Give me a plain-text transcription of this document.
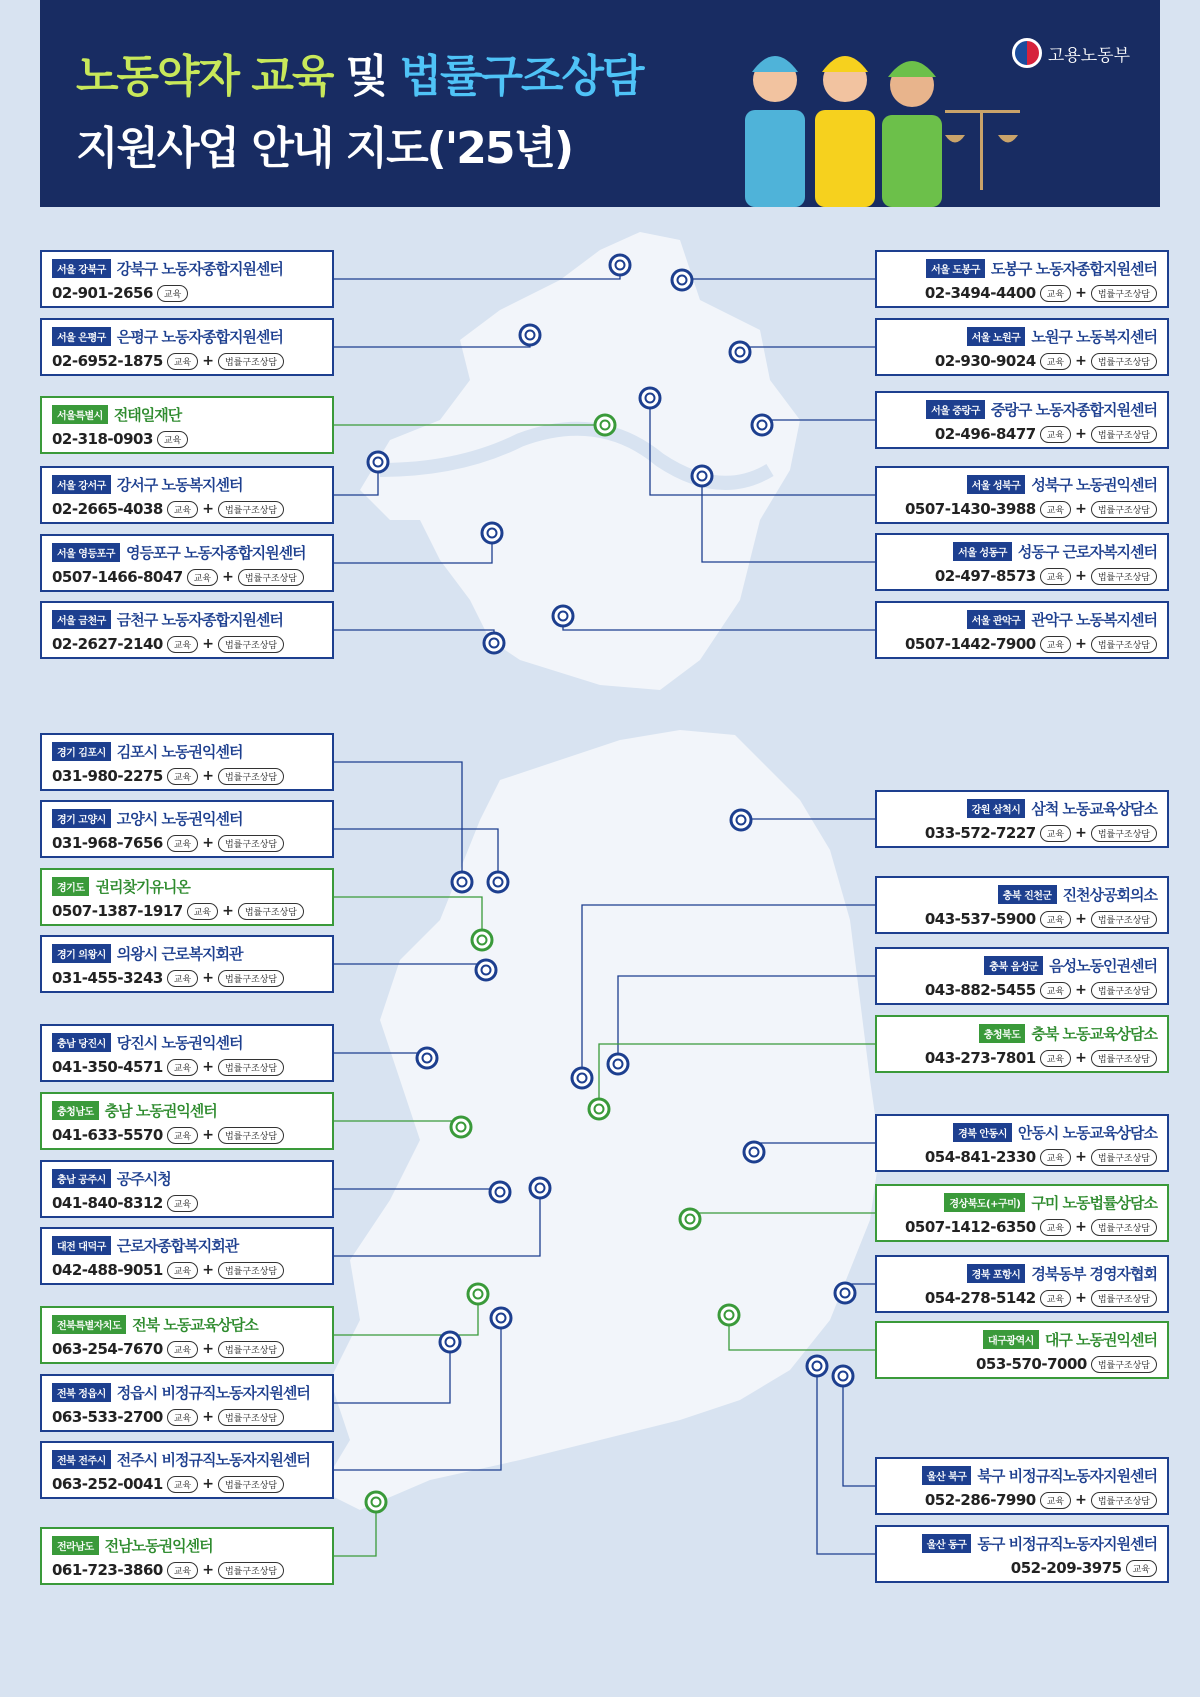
노동약자 교육 및 법률구조상담
지원사업 안내 지도('25년)
고용노동부
서울 강북구 강북구 노동자종합지원센터
02-901-2656	교육
서울 은평구 은평구 노동자종합지원센터
02-6952-1875	교육 +	법률구조상담
서울특별시 전태일재단
02-318-0903	교육
서울 강서구 강서구 노동복지센터
02-2665-4038	교육 +	법률구조상담
서울 영등포구 영등포구 노동자종합지원센터
0507-1466-8047	교육 +	법률구조상담
서울 금천구 금천구 노동자종합지원센터
02-2627-2140	교육 +	법률구조상담
서울 도봉구 도봉구 노동자종합지원센터
02-3494-4400	교육 +	법률구조상담
서울 노원구 노원구 노동복지센터
02-930-9024	교육 +	법률구조상담
서울 중랑구 중랑구 노동자종합지원센터
02-496-8477	교육 +	법률구조상담
서울 성북구 성북구 노동권익센터
0507-1430-3988	교육 +	법률구조상담
서울 성동구 성동구 근로자복지센터
02-497-8573	교육 +	법률구조상담
서울 관악구 관악구 노동복지센터
0507-1442-7900	교육 +	법률구조상담
경기 김포시 김포시 노동권익센터
031-980-2275	교육 +	법률구조상담
경기 고양시 고양시 노동권익센터
031-968-7656	교육 +	법률구조상담
경기도 권리찾기유니온
0507-1387-1917	교육 +	법률구조상담
경기 의왕시 의왕시 근로복지회관
031-455-3243	교육 +	법률구조상담
충남 당진시 당진시 노동권익센터
041-350-4571	교육 +	법률구조상담
충청남도 충남 노동권익센터
041-633-5570	교육 +	법률구조상담
충남 공주시 공주시청
041-840-8312	교육
대전 대덕구 근로자종합복지회관
042-488-9051	교육 +	법률구조상담
전북특별자치도 전북 노동교육상담소
063-254-7670	교육 +	법률구조상담
전북 정읍시 정읍시 비정규직노동자지원센터
063-533-2700	교육 +	법률구조상담
전북 전주시 전주시 비정규직노동자지원센터
063-252-0041	교육 +	법률구조상담
전라남도 전남노동권익센터
061-723-3860	교육 +	법률구조상담
강원 삼척시 삼척 노동교육상담소
033-572-7227	교육 +	법률구조상담
충북 진천군 진천상공회의소
043-537-5900	교육 +	법률구조상담
충북 음성군 음성노동인권센터
043-882-5455	교육 +	법률구조상담
충청북도 충북 노동교육상담소
043-273-7801	교육 +	법률구조상담
경북 안동시 안동시 노동교육상담소
054-841-2330	교육 +	법률구조상담
경상북도(+구미) 구미 노동법률상담소
0507-1412-6350	교육 +	법률구조상담
경북 포항시 경북동부 경영자협회
054-278-5142	교육 +	법률구조상담
대구광역시 대구 노동권익센터
053-570-7000	법률구조상담
울산 북구 북구 비정규직노동자지원센터
052-286-7990	교육 +	법률구조상담
울산 동구 동구 비정규직노동자지원센터
052-209-3975	교육
